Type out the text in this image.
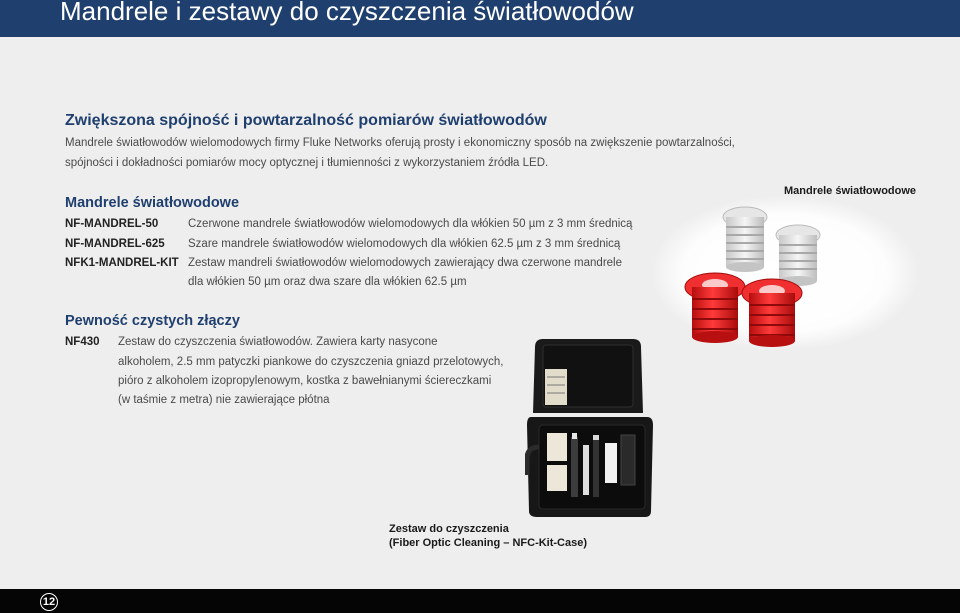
Mandrele i zestawy do czyszczenia światłowodów
Zwiększona spójność i powtarzalność pomiarów światłowodów
Mandrele światłowodów wielomodowych firmy Fluke Networks oferują prosty i ekonomiczny sposób na zwiększenie powtarzalności,
spójności i dokładności pomiarów mocy optycznej i tłumienności z wykorzystaniem źródła LED.
Mandrele światłowodowe
NF-MANDREL-50	Czerwone mandrele światłowodów wielomodowych dla włókien 50 µm z 3 mm średnicą
NF-MANDREL-625 Szare mandrele światłowodów wielomodowych dla włókien 62.5 µm z 3 mm średnicą
NFK1-MANDREL-KIT Zestaw mandreli światłowodów wielomodowych zawierający dwa czerwone mandrele
dla włókien 50 µm oraz dwa szare dla włókien 62.5 µm
Mandrele światłowodowe
Pewność czystych złączy
NF430 Zestaw do czyszczenia światłowodów. Zawiera karty nasycone
alkoholem, 2.5 mm patyczki piankowe do czyszczenia gniazd przelotowych,
pióro z alkoholem izopropylenowym, kostka z bawełnianymi ściereczkami
(w taśmie z metra) nie zawierające płótna
Zestaw do czyszczenia
(Fiber Optic Cleaning – NFC-Kit-Case)
12
